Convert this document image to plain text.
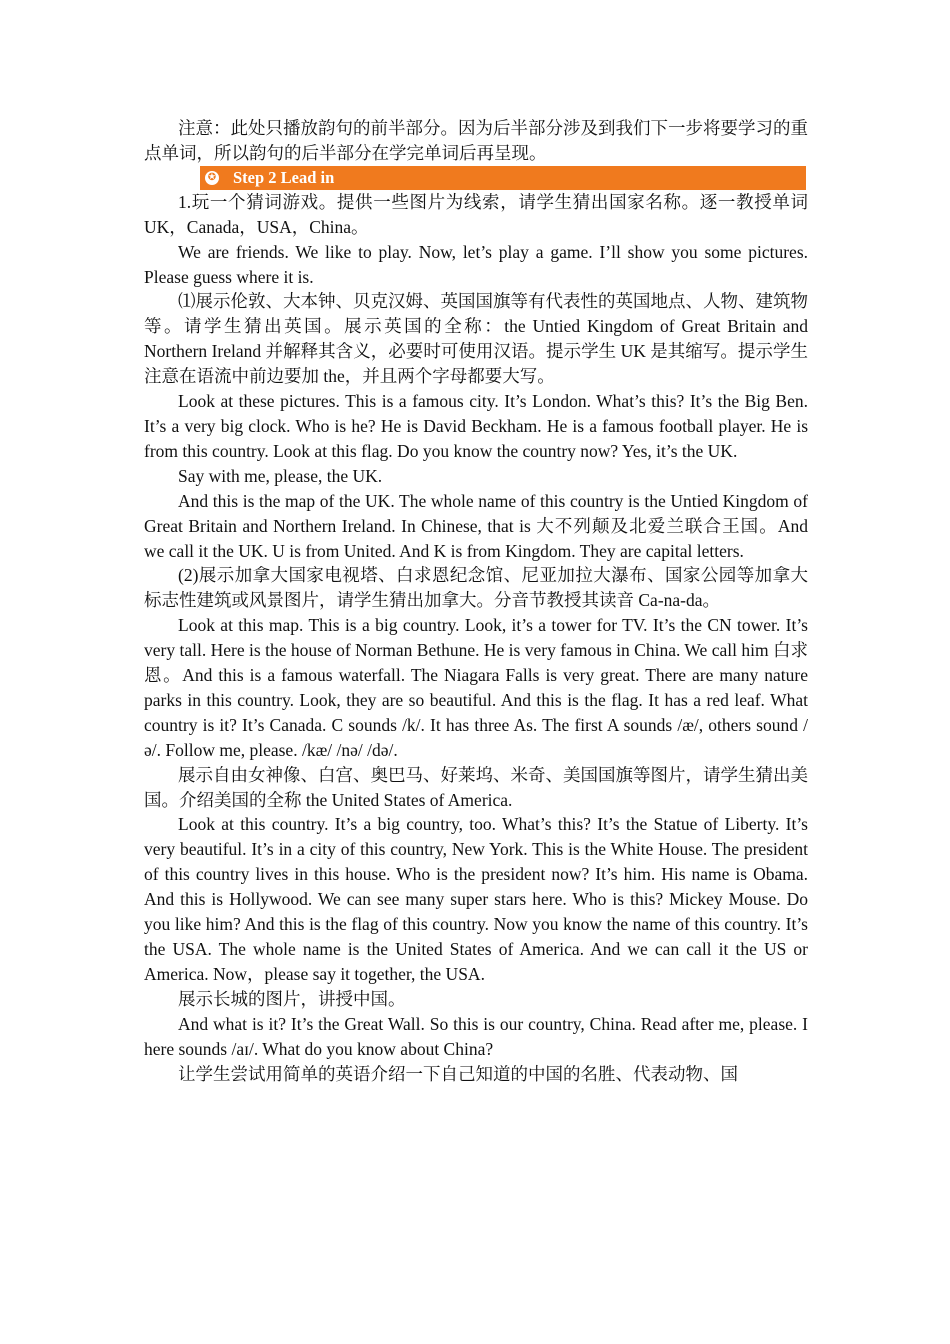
注意：此处只播放韵句的前半部分。因为后半部分涉及到我们下一步将要学习的重点单词，所以韵句的后半部分在学完单词后再呈现。

✪ Step 2 Lead in

1.玩一个猜词游戏。提供一些图片为线索，请学生猜出国家名称。逐一教授单词 UK，Canada，USA，China。

We are friends. We like to play. Now, let’s play a game. I’ll show you some pictures. Please guess where it is.

⑴展示伦敦、大本钟、贝克汉姆、英国国旗等有代表性的英国地点、人物、建筑物等。请学生猜出英国。展示英国的全称：the Untied Kingdom of Great Britain and Northern Ireland 并解释其含义，必要时可使用汉语。提示学生 UK 是其缩写。提示学生注意在语流中前边要加 the，并且两个字母都要大写。

Look at these pictures. This is a famous city. It’s London. What’s this? It’s the Big Ben. It’s a very big clock. Who is he? He is David Beckham. He is a famous football player. He is from this country. Look at this flag. Do you know the country now? Yes, it’s the UK.

Say with me, please, the UK.

And this is the map of the UK. The whole name of this country is the Untied Kingdom of Great Britain and Northern Ireland. In Chinese, that is 大不列颠及北爱兰联合王国。And we call it the UK. U is from United. And K is from Kingdom. They are capital letters.

(2)展示加拿大国家电视塔、白求恩纪念馆、尼亚加拉大瀑布、国家公园等加拿大标志性建筑或风景图片，请学生猜出加拿大。分音节教授其读音 Ca-na-da。

Look at this map. This is a big country. Look, it’s a tower for TV. It’s the CN tower. It’s very tall. Here is the house of Norman Bethune. He is very famous in China. We call him 白求恩。And this is a famous waterfall. The Niagara Falls is very great. There are many nature parks in this country. Look, they are so beautiful. And this is the flag. It has a red leaf. What country is it? It’s Canada. C sounds /k/. It has three As. The first A sounds /æ/, others sound /ə/. Follow me, please. /kæ/ /nə/ /də/.

展示自由女神像、白宫、奥巴马、好莱坞、米奇、美国国旗等图片，请学生猜出美国。介绍美国的全称 the United States of America.

Look at this country. It’s a big country, too. What’s this? It’s the Statue of Liberty. It’s very beautiful. It’s in a city of this country, New York. This is the White House. The president of this country lives in this house. Who is the president now? It’s him. His name is Obama. And this is Hollywood. We can see many super stars here. Who is this? Mickey Mouse. Do you like him? And this is the flag of this country. Now you know the name of this country. It’s the USA. The whole name is the United States of America. And we can call it the US or America. Now，please say it together, the USA.

展示长城的图片，讲授中国。

And what is it? It’s the Great Wall. So this is our country, China. Read after me, please. I here sounds /aɪ/. What do you know about China?

让学生尝试用简单的英语介绍一下自己知道的中国的名胜、代表动物、国
